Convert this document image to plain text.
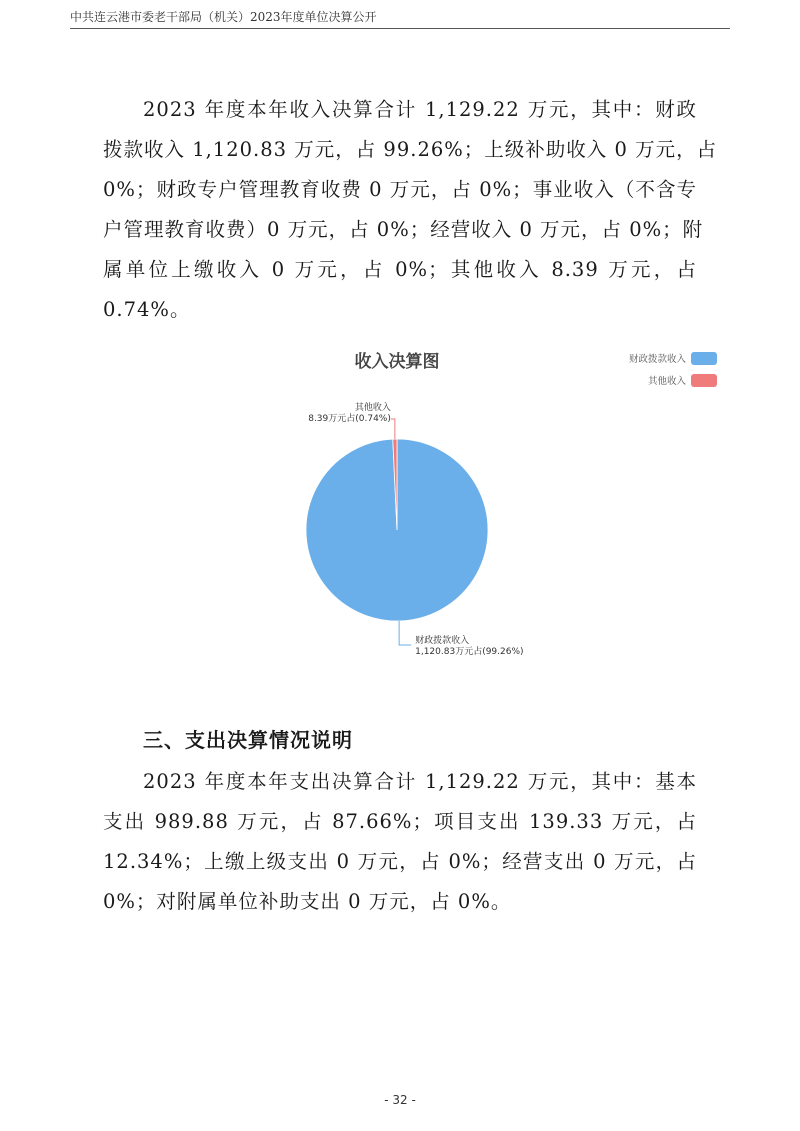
中共连云港市委老干部局（机关）2023年度单位决算公开
2023 年度本年收入决算合计 1,129.22 万元，其中：财政
拨款收入 1,120.83 万元，占 99.26%；上级补助收入 0 万元，占
0%；财政专户管理教育收费 0 万元，占 0%；事业收入（不含专
户管理教育收费）0 万元，占 0%；经营收入 0 万元，占 0%；附
属单位上缴收入 0 万元，占 0%；其他收入 8.39 万元，占
0.74%。
收入决算图	财政拨款收入
其他收入
财政拨款收入
1,120.83万元占(99.26%)
其他收入
8.39万元占(0.74%)
三、支出决算情况说明
2023 年度本年支出决算合计 1,129.22 万元，其中：基本
支出 989.88 万元，占 87.66%；项目支出 139.33 万元，占
12.34%；上缴上级支出 0 万元，占 0%；经营支出 0 万元，占
0%；对附属单位补助支出 0 万元，占 0%。
- 32 -
